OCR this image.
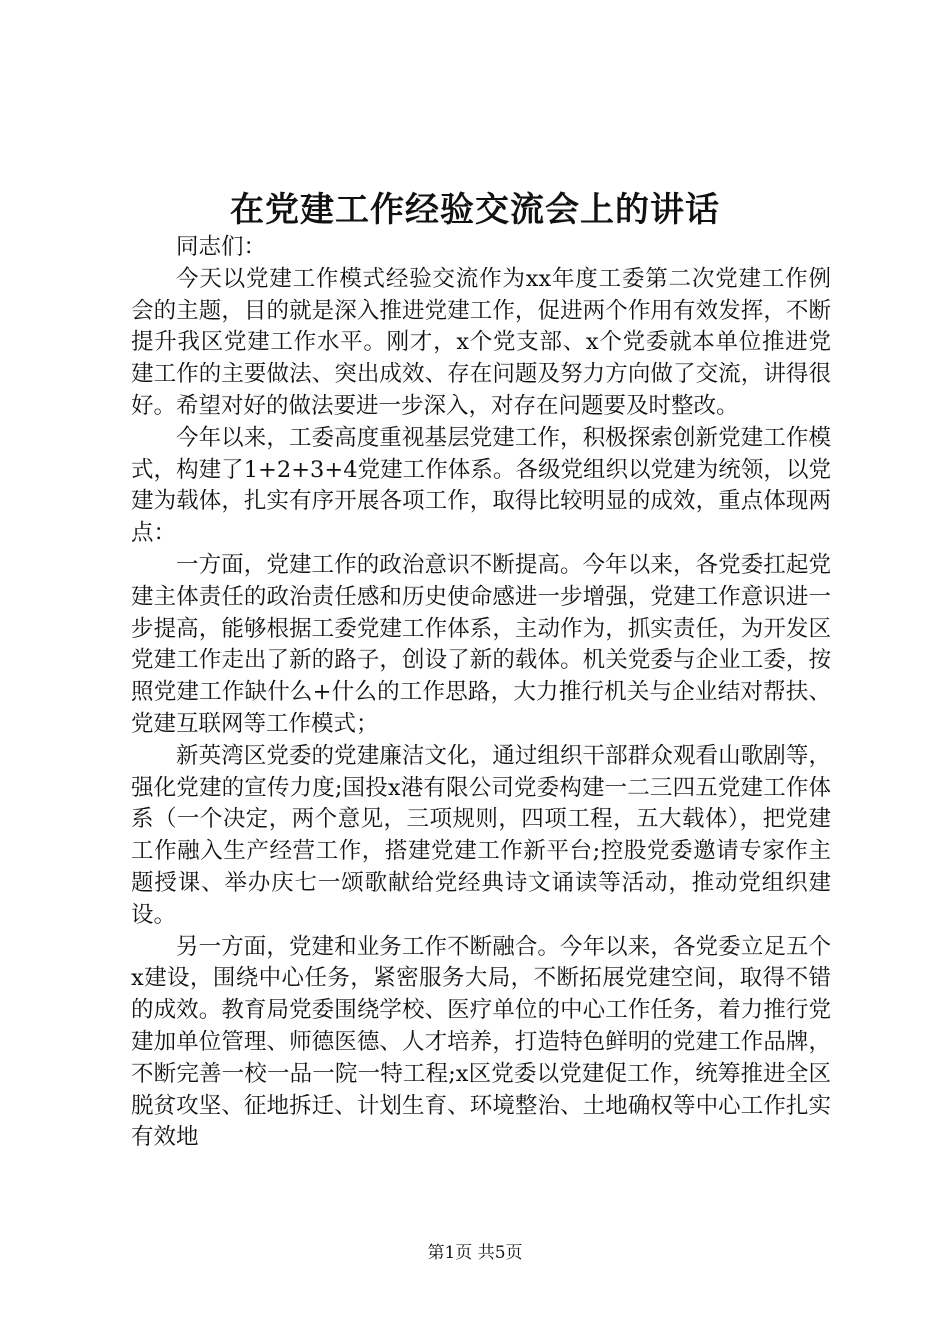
在党建工作经验交流会上的讲话

同志们：

今天以党建工作模式经验交流作为xx年度工委第二次党建工作例会的主题，目的就是深入推进党建工作，促进两个作用有效发挥，不断提升我区党建工作水平。刚才，x个党支部、x个党委就本单位推进党建工作的主要做法、突出成效、存在问题及努力方向做了交流，讲得很好。希望对好的做法要进一步深入，对存在问题要及时整改。

今年以来，工委高度重视基层党建工作，积极探索创新党建工作模式，构建了1+2+3+4党建工作体系。各级党组织以党建为统领，以党建为载体，扎实有序开展各项工作，取得比较明显的成效，重点体现两点：

一方面，党建工作的政治意识不断提高。今年以来，各党委扛起党建主体责任的政治责任感和历史使命感进一步增强，党建工作意识进一步提高，能够根据工委党建工作体系，主动作为，抓实责任，为开发区党建工作走出了新的路子，创设了新的载体。机关党委与企业工委，按照党建工作缺什么+什么的工作思路，大力推行机关与企业结对帮扶、党建互联网等工作模式；

新英湾区党委的党建廉洁文化，通过组织干部群众观看山歌剧等，强化党建的宣传力度;国投x港有限公司党委构建一二三四五党建工作体系（一个决定，两个意见，三项规则，四项工程，五大载体），把党建工作融入生产经营工作，搭建党建工作新平台;控股党委邀请专家作主题授课、举办庆七一颂歌献给党经典诗文诵读等活动，推动党组织建设。

另一方面，党建和业务工作不断融合。今年以来，各党委立足五个x建设，围绕中心任务，紧密服务大局，不断拓展党建空间，取得不错的成效。教育局党委围绕学校、医疗单位的中心工作任务，着力推行党建加单位管理、师德医德、人才培养，打造特色鲜明的党建工作品牌，不断完善一校一品一院一特工程;x区党委以党建促工作，统筹推进全区脱贫攻坚、征地拆迁、计划生育、环境整治、土地确权等中心工作扎实有效地

第1页 共5页
